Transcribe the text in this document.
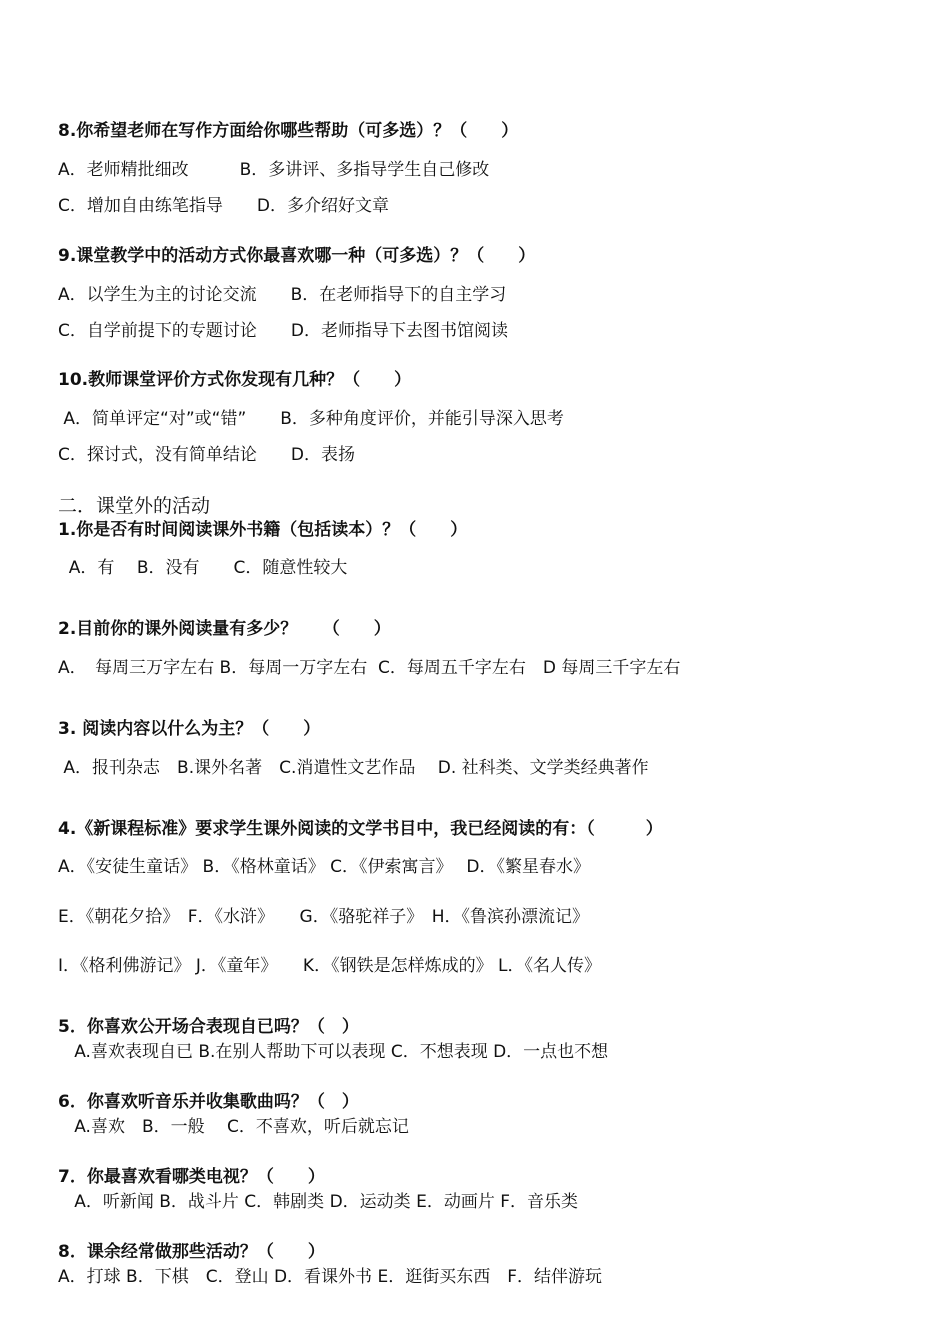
8.你希望老师在写作方面给你哪些帮助（可多选）？（　　）
A．老师精批细改　　　B．多讲评、多指导学生自己修改
C．增加自由练笔指导　　D．多介绍好文章
9.课堂教学中的活动方式你最喜欢哪一种（可多选）？（　　）
A．以学生为主的讨论交流　　B．在老师指导下的自主学习
C．自学前提下的专题讨论　　D．老师指导下去图书馆阅读
10.教师课堂评价方式你发现有几种？（　　）
A．简单评定“对”或“错”　　B．多种角度评价，并能引导深入思考
C．探讨式，没有简单结论　　D．表扬
二．课堂外的活动
1.你是否有时间阅读课外书籍（包括读本）？（　　）
A．有　 B．没有　　C．随意性较大
2.目前你的课外阅读量有多少？　　（　　）
A．　每周三万字左右 B．每周一万字左右  C．每周五千字左右　D 每周三千字左右
3. 阅读内容以什么为主？（　　）
A．报刊杂志　B.课外名著　C.消遣性文艺作品　 D. 社科类、文学类经典著作
4.《新课程标准》要求学生课外阅读的文学书目中，我已经阅读的有：（　　　）
A．《安徒生童话》 B．《格林童话》 C．《伊索寓言》　 D．《繁星春水》
E．《朝花夕拾》　F．《水浒》　　G．《骆驼祥子》　H．《鲁滨孙漂流记》
I．《格利佛游记》 J．《童年》　　K．《钢铁是怎样炼成的》 L．《名人传》
5．你喜欢公开场合表现自已吗？（　）
A.喜欢表现自已 B.在别人帮助下可以表现 C．不想表现 D．一点也不想
6．你喜欢听音乐并收集歌曲吗？（　）
A.喜欢　B．一般　 C．不喜欢，听后就忘记
7．你最喜欢看哪类电视？（　　）
A．听新闻 B．战斗片 C．韩剧类 D．运动类 E．动画片 F．音乐类
8．课余经常做那些活动？（　　）
A．打球 B．下棋　C．登山 D．看课外书 E．逛街买东西　F．结伴游玩
